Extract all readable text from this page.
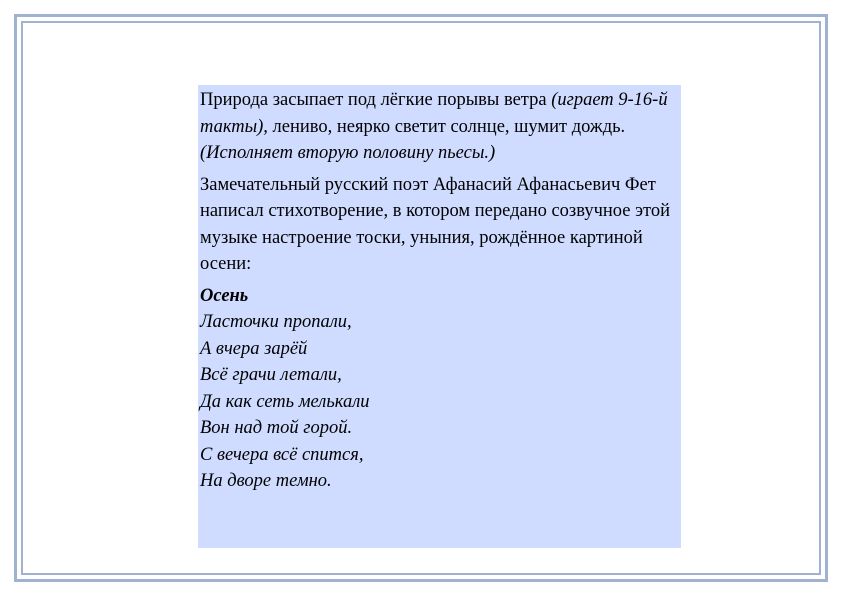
Природа засыпает под лёгкие порывы ветра (играет 9-16-й такты), лениво, неярко светит солнце, шумит дождь. (Исполняет вторую половину пьесы.)

Замечательный русский поэт Афанасий Афанасьевич Фет написал стихотворение, в котором передано созвучное этой музыке настроение тоски, уныния, рождённое картиной осени:

Осень
Ласточки пропали,
А вчера зарёй
Всё грачи летали,
Да как сеть мелькали
Вон над той горой.
С вечера всё спится,
На дворе темно.
